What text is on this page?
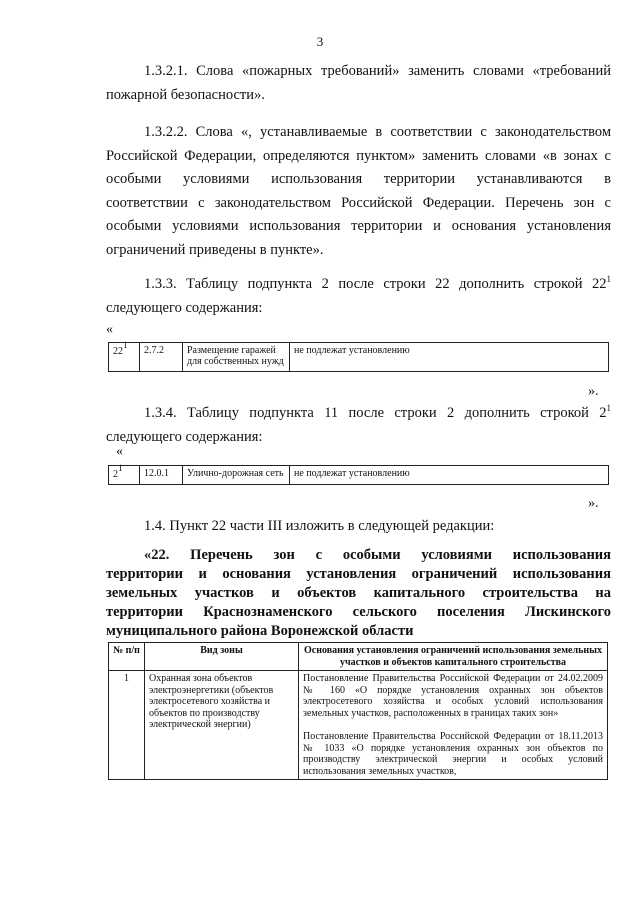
3
1.3.2.1. Слова «пожарных требований» заменить словами «требований
пожарной безопасности».
1.3.2.2. Слова «, устанавливаемые в соответствии с законодательством
Российской Федерации, определяются пунктом» заменить словами «в зонах с
особыми условиями использования территории устанавливаются в
соответствии с законодательством Российской Федерации. Перечень зон с
особыми условиями использования территории и основания установления
ограничений приведены в пункте».
1.3.3. Таблицу подпункта 2 после строки 22 дополнить строкой $22^1$
следующего содержания:
«
$22^1$	2.7.2	Размещение гаражей для собственных нужд	не подлежат установлению
».
1.3.4. Таблицу подпункта 11 после строки 2 дополнить строкой $2^1$
следующего содержания:
«
$2^1$	12.0.1	Улично-дорожная сеть	не подлежат установлению
».
1.4. Пункт 22 части III изложить в следующей редакции:
«22. Перечень зон с особыми условиями использования
территории и основания установления ограничений использования
земельных участков и объектов капитального строительства на
территории Краснознаменского сельского поселения Лискинского
муниципального района Воронежской области
№ п/п	Вид зоны	Основания установления ограничений использования земельных участков и объектов капитального строительства
1	Охранная зона объектов электроэнергетики (объектов электросетевого хозяйства и объектов по производству электрической энергии)	Постановление Правительства Российской Федерации от 24.02.2009 № 160 «О порядке установления охранных зон объектов электросетевого хозяйства и особых условий использования земельных участков, расположенных в границах таких зон»
Постановление Правительства Российской Федерации от 18.11.2013 № 1033 «О порядке установления охранных зон объектов по производству электрической энергии и особых условий использования земельных участков,
